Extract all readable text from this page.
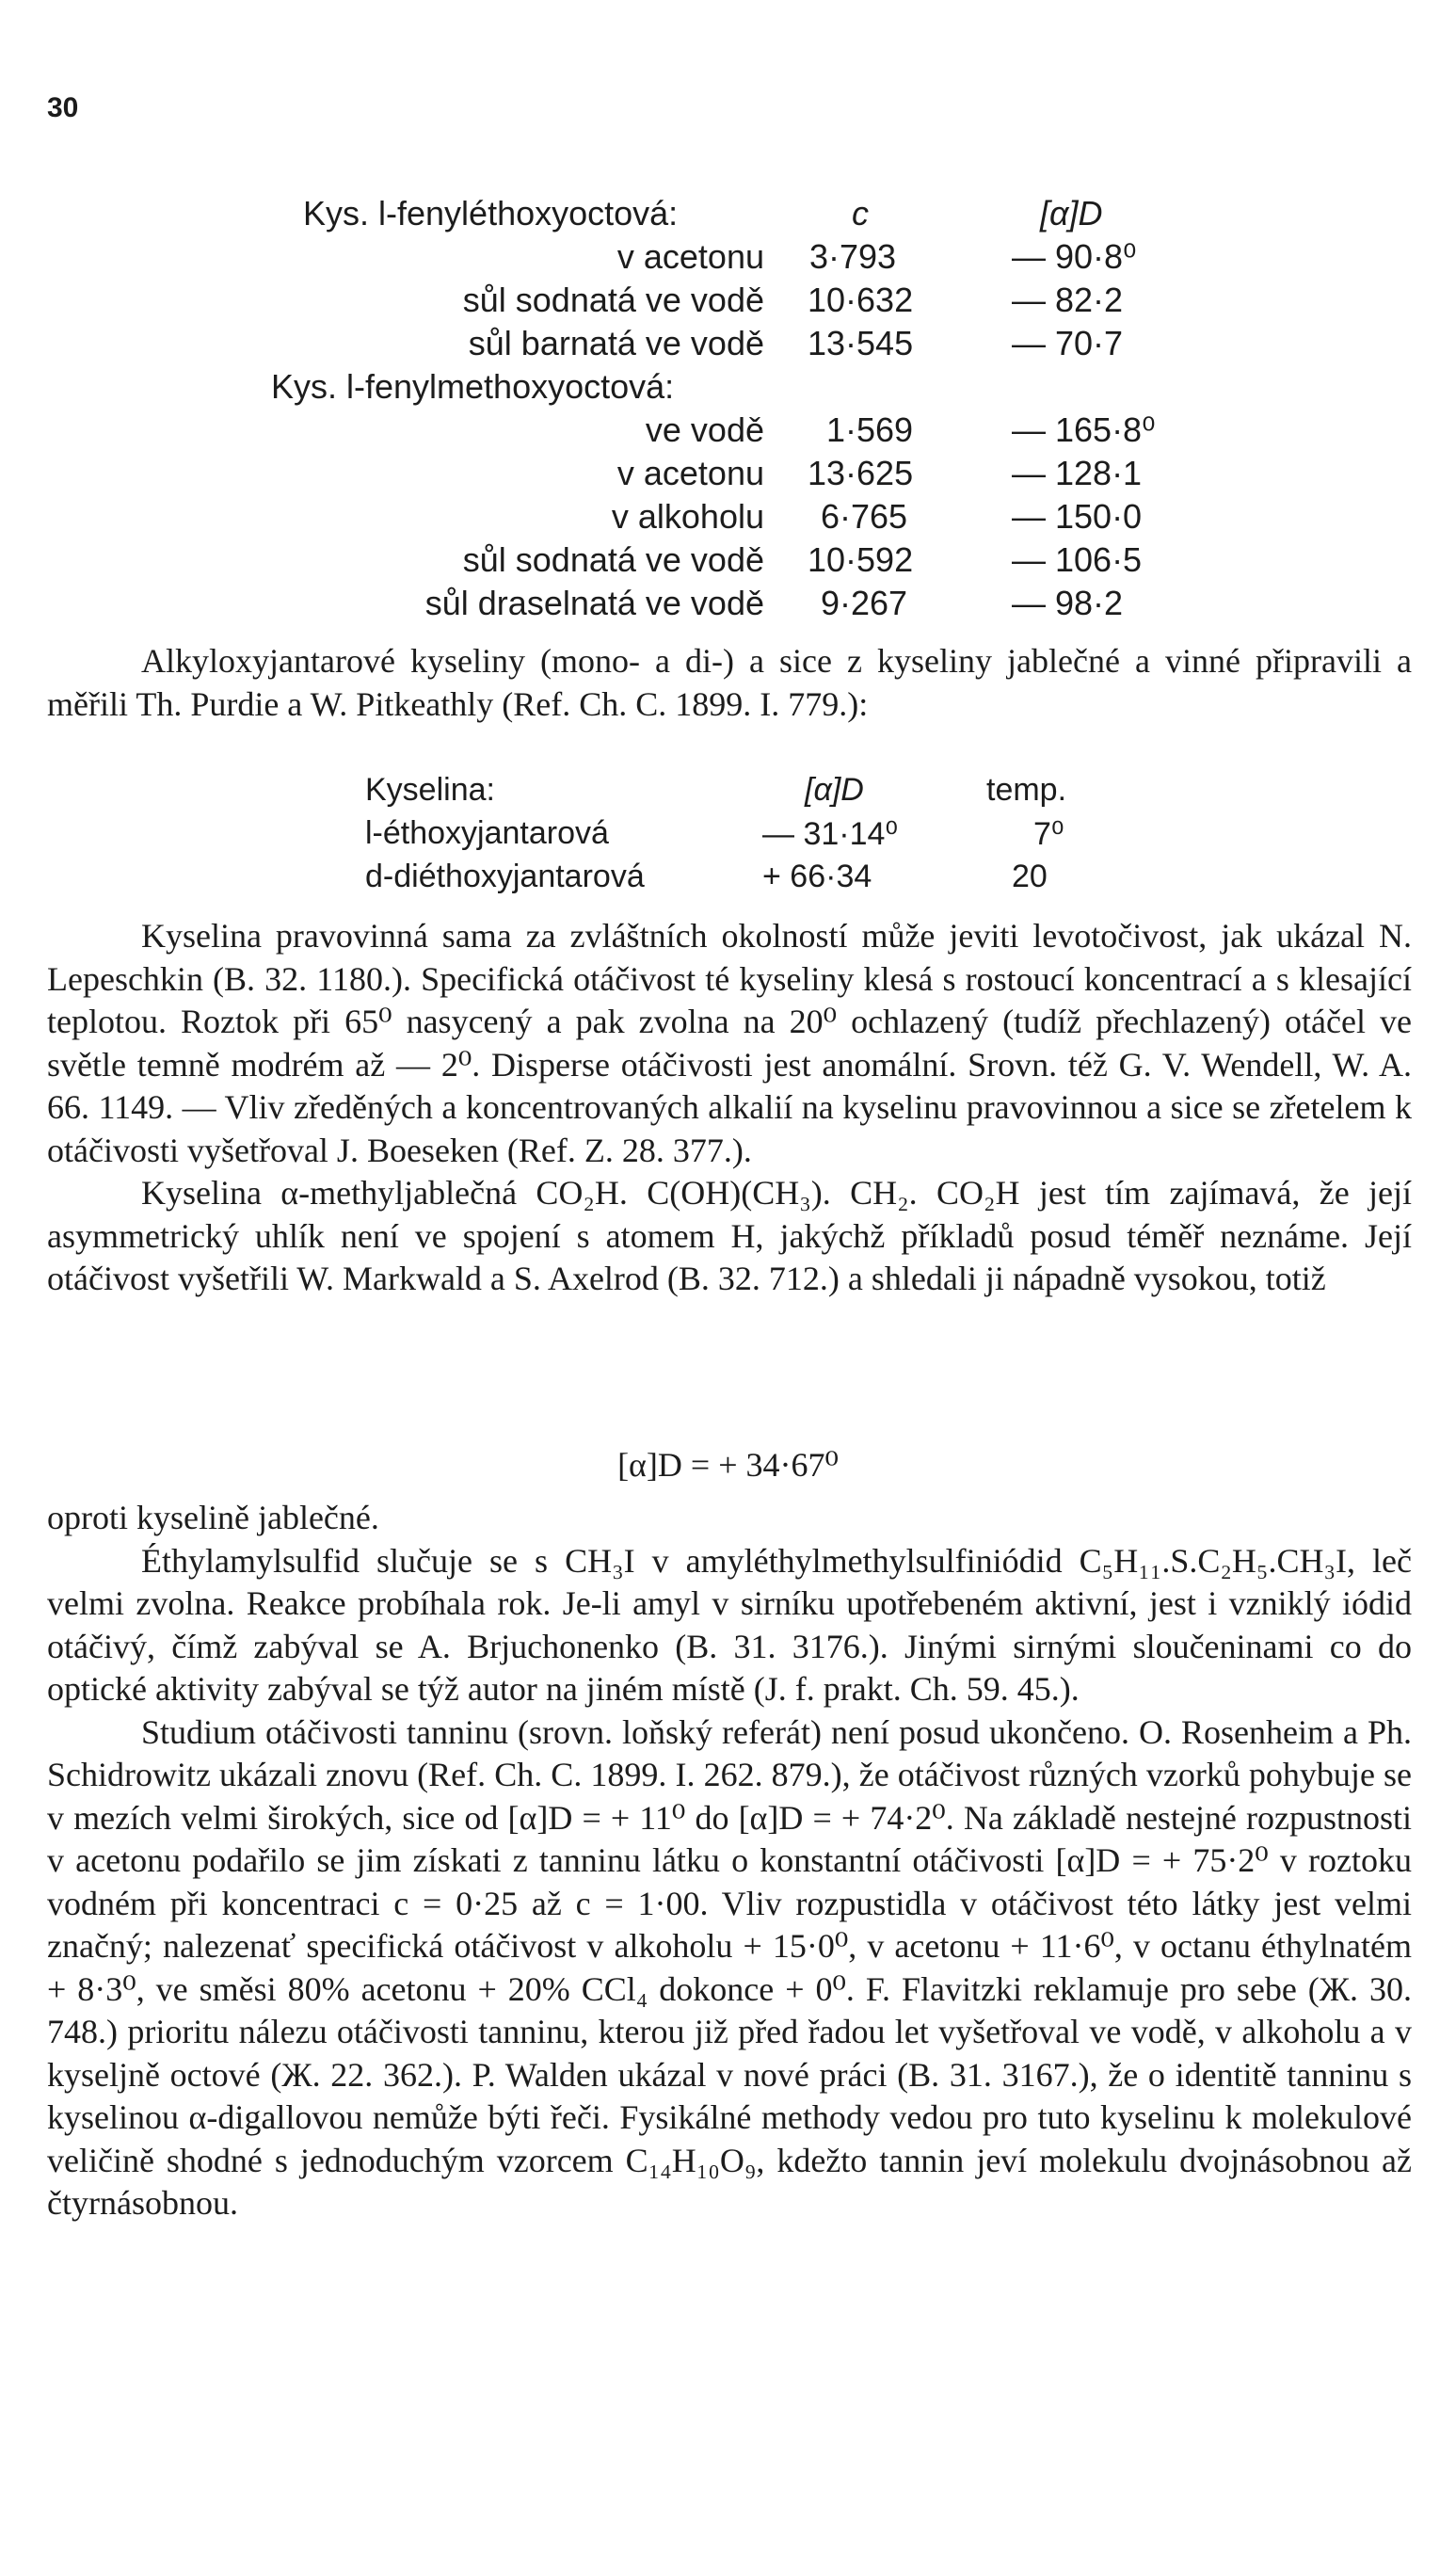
30
Kys. l-fenyléthoxyoctová:	c	[α]D
v acetonu 3·793	— 90·8⁰
sůl sodnatá ve vodě 10·632	— 82·2
sůl barnatá ve vodě 13·545	— 70·7
Kys. l-fenylmethoxyoctová:
ve vodě 1·569	— 165·8⁰
v acetonu 13·625	— 128·1
v alkoholu 6·765	— 150·0
sůl sodnatá ve vodě 10·592	— 106·5
sůl draselnatá ve vodě 9·267	— 98·2

Alkyloxyjantarové kyseliny (mono- a di-) a sice z kyseliny jablečné a vinné připravili a měřili Th. Purdie a W. Pitkeathly (Ref. Ch. C. 1899. I. 779.):

Kyselina:	[α]D	temp.
l-éthoxyjantarová	— 31·14⁰	7⁰
d-diéthoxyjantarová	+ 66·34	20

Kyselina pravovinná sama za zvláštních okolností může jeviti levotočivost, jak ukázal N. Lepeschkin (B. 32. 1180.). Specifická otáčivost té kyseliny klesá s rostoucí koncentrací a s klesající teplotou. Roztok při 65⁰ nasycený a pak zvolna na 20⁰ ochlazený (tudíž přechlazený) otáčel ve světle temně modrém až — 2⁰. Disperse otáčivosti jest anomální. Srovn. též G. V. Wendell, W. A. 66. 1149. — Vliv zředěných a koncentrovaných alkalií na kyselinu pravovinnou a sice se zřetelem k otáčivosti vyšetřoval J. Boeseken (Ref. Z. 28. 377.).

Kyselina α-methyljablečná CO₂H. C(OH)(CH₃). CH₂. CO₂H jest tím zajímavá, že její asymmetrický uhlík není ve spojení s atomem H, jakýchž příkladů posud téměř neznáme. Její otáčivost vyšetřili W. Markwald a S. Axelrod (B. 32. 712.) a shledali ji nápadně vysokou, totiž

[α]D = + 34·67⁰

oproti kyselině jablečné.

Éthylamylsulfid slučuje se s CH₃I v amyléthylmethylsulfiniódid C₅H₁₁.S.C₂H₅.CH₃I, leč velmi zvolna. Reakce probíhala rok. Je-li amyl v sirníku upotřebeném aktivní, jest i vzniklý iódid otáčivý, čímž zabýval se A. Brjuchonenko (B. 31. 3176.). Jinými sirnými sloučeninami co do optické aktivity zabýval se týž autor na jiném místě (J. f. prakt. Ch. 59. 45.).

Studium otáčivosti tanninu (srovn. loňský referát) není posud ukončeno. O. Rosenheim a Ph. Schidrowitz ukázali znovu (Ref. Ch. C. 1899. I. 262. 879.), že otáčivost různých vzorků pohybuje se v mezích velmi širokých, sice od [α]D = + 11⁰ do [α]D = + 74·2⁰. Na základě nestejné rozpustnosti v acetonu podařilo se jim získati z tanninu látku o konstantní otáčivosti [α]D = + 75·2⁰ v roztoku vodném při koncentraci c = 0·25 až c = 1·00. Vliv rozpustidla v otáčivost této látky jest velmi značný; nalezenať specifická otáčivost v alkoholu + 15·0⁰, v acetonu + 11·6⁰, v octanu éthylnatém + 8·3⁰, ve směsi 80% acetonu + 20% CCl₄ dokonce + 0⁰. F. Flavitzki reklamuje pro sebe (Ж. 30. 748.) prioritu nálezu otáčivosti tanninu, kterou již před řadou let vyšetřoval ve vodě, v alkoholu a v kyseljně octové (Ж. 22. 362.). P. Walden ukázal v nové práci (B. 31. 3167.), že o identitě tanninu s kyselinou α-digallovou nemůže býti řeči. Fysikálné methody vedou pro tuto kyselinu k molekulové veličině shodné s jednoduchým vzorcem C₁₄H₁₀O₉, kdežto tannin jeví molekulu dvojnásobnou až čtyrnásobnou.
